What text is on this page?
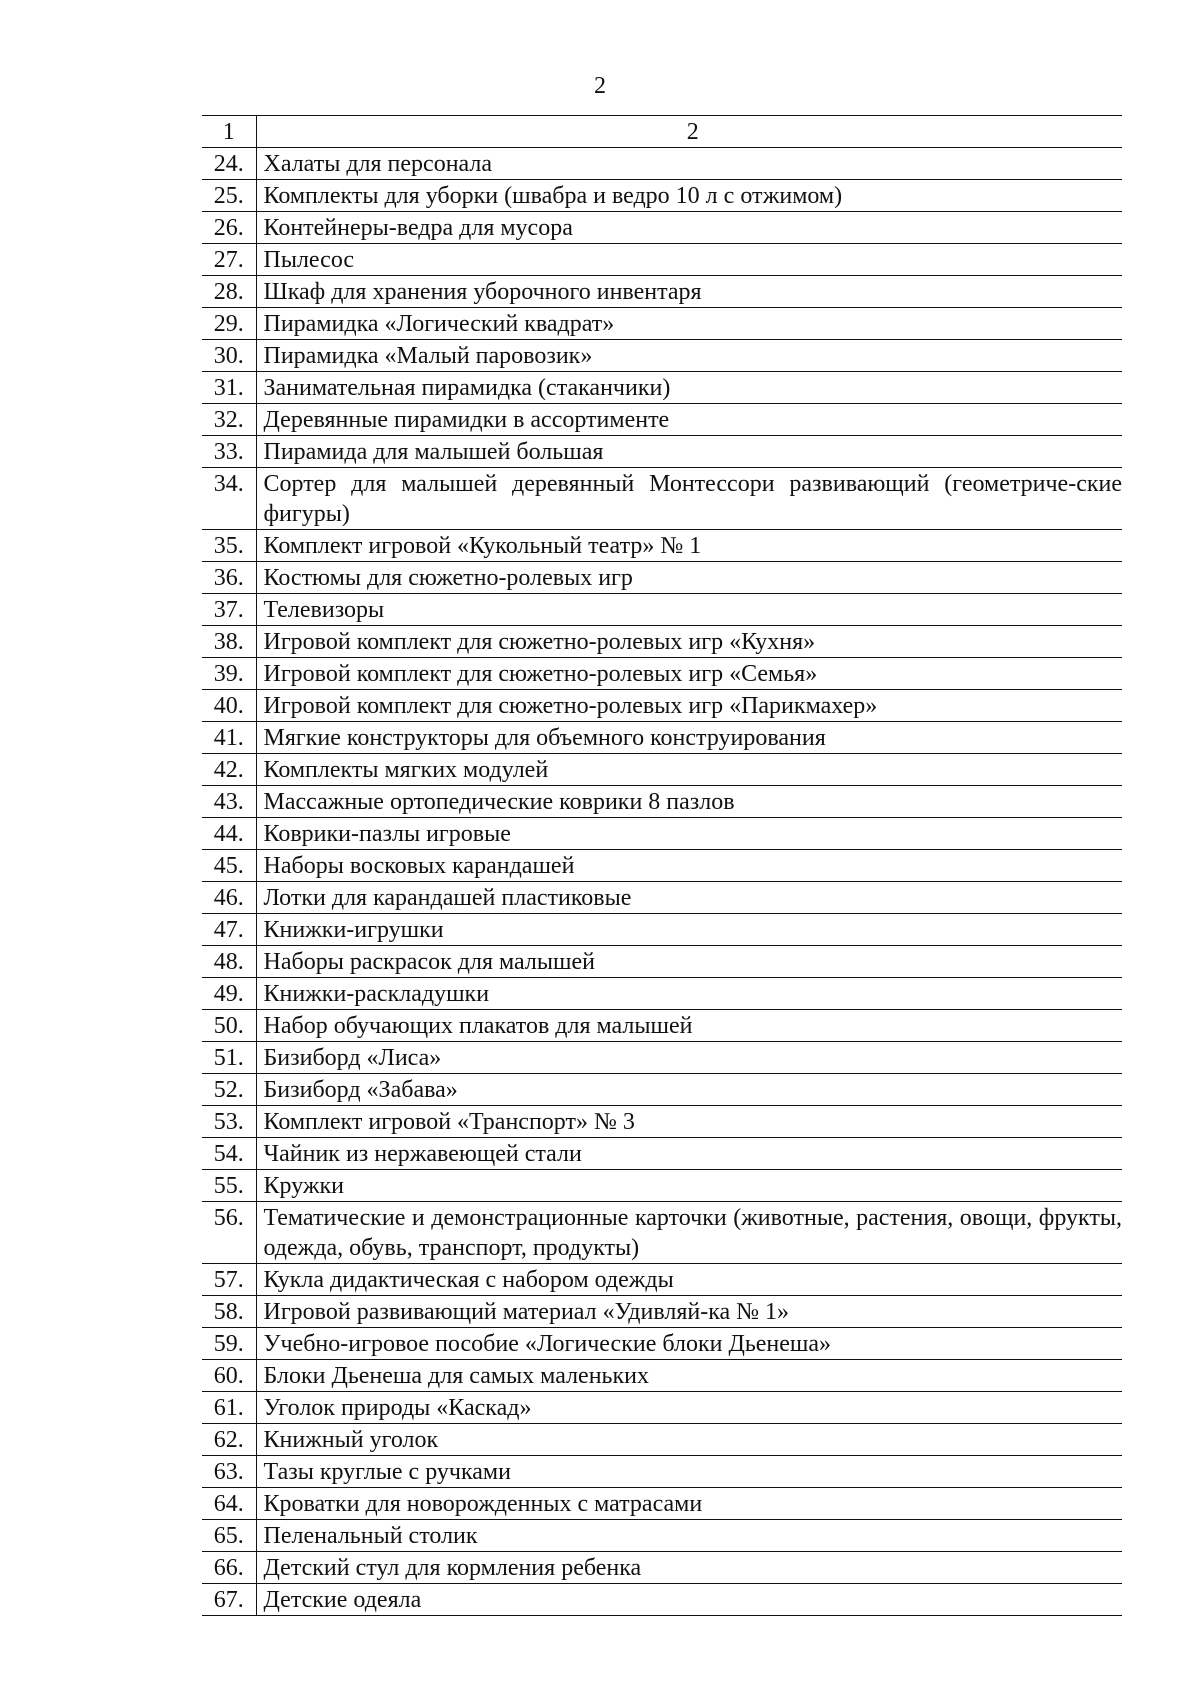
2
1	2
24.	Халаты для персонала
25.	Комплекты для уборки (швабра и ведро 10 л с отжимом)
26.	Контейнеры-ведра для мусора
27.	Пылесос
28.	Шкаф для хранения уборочного инвентаря
29.	Пирамидка «Логический квадрат»
30.	Пирамидка «Малый паровозик»
31.	Занимательная пирамидка (стаканчики)
32.	Деревянные пирамидки в ассортименте
33.	Пирамида для малышей большая
34.	Сортер для малышей деревянный Монтессори развивающий (геометриче-ские фигуры)
35.	Комплект игровой «Кукольный театр» № 1
36.	Костюмы для сюжетно-ролевых игр
37.	Телевизоры
38.	Игровой комплект для сюжетно-ролевых игр «Кухня»
39.	Игровой комплект для сюжетно-ролевых игр «Семья»
40.	Игровой комплект для сюжетно-ролевых игр «Парикмахер»
41.	Мягкие конструкторы для объемного конструирования
42.	Комплекты мягких модулей
43.	Массажные ортопедические коврики 8 пазлов
44.	Коврики-пазлы игровые
45.	Наборы восковых карандашей
46.	Лотки для карандашей пластиковые
47.	Книжки-игрушки
48.	Наборы раскрасок для малышей
49.	Книжки-раскладушки
50.	Набор обучающих плакатов для малышей
51.	Бизиборд «Лиса»
52.	Бизиборд «Забава»
53.	Комплект игровой «Транспорт» № 3
54.	Чайник из нержавеющей стали
55.	Кружки
56.	Тематические и демонстрационные карточки (животные, растения, овощи, фрукты, одежда, обувь, транспорт, продукты)
57.	Кукла дидактическая с набором одежды
58.	Игровой развивающий материал «Удивляй-ка № 1»
59.	Учебно-игровое пособие «Логические блоки Дьенеша»
60.	Блоки Дьенеша для самых маленьких
61.	Уголок природы «Каскад»
62.	Книжный уголок
63.	Тазы круглые с ручками
64.	Кроватки для новорожденных с матрасами
65.	Пеленальный столик
66.	Детский стул для кормления ребенка
67.	Детские одеяла
